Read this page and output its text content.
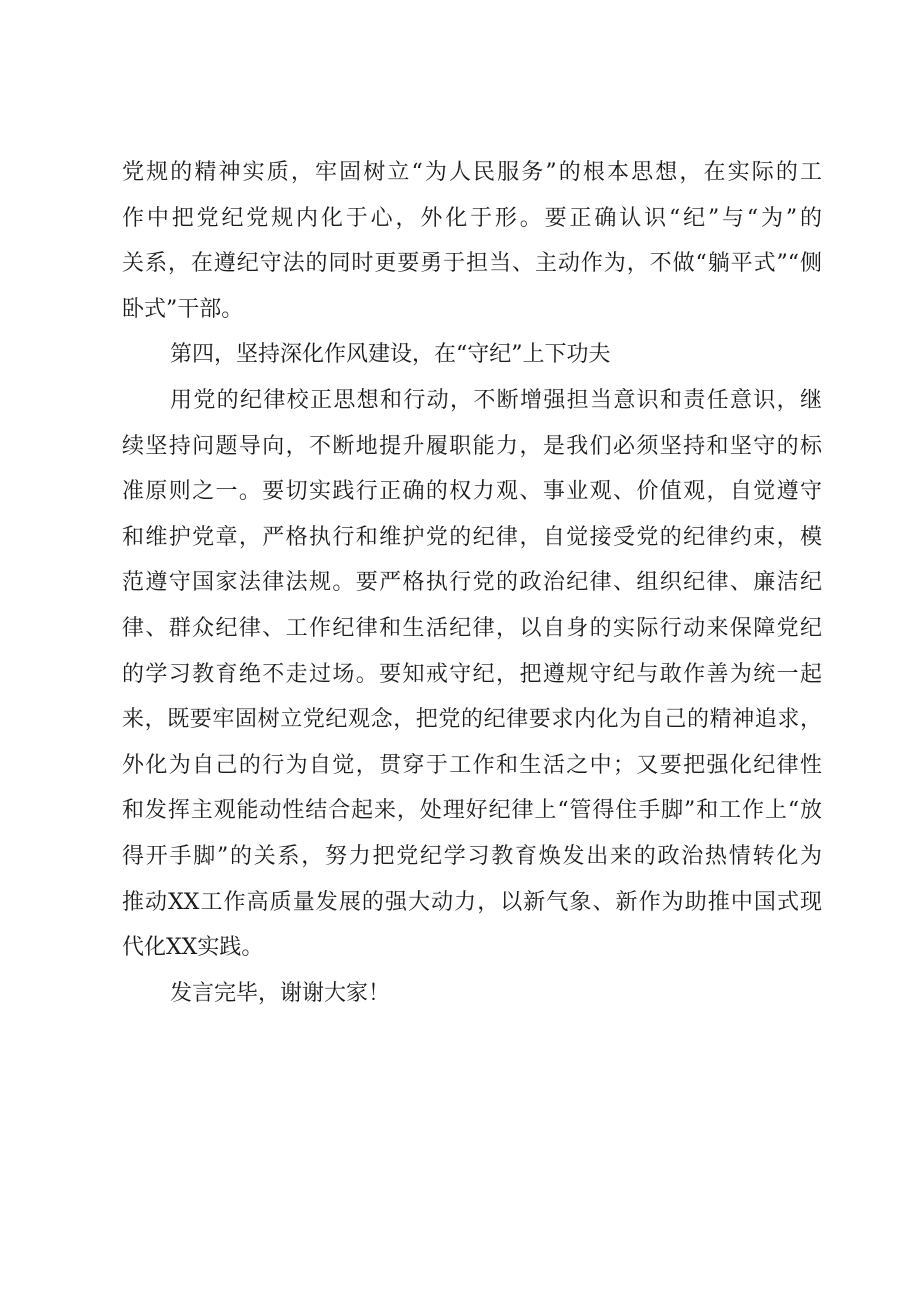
党规的精神实质，牢固树立“为人民服务”的根本思想，在实际的工
作中把党纪党规内化于心，外化于形。要正确认识“纪”与“为”的
关系，在遵纪守法的同时更要勇于担当、主动作为，不做“躺平式”“侧
卧式”干部。
第四，坚持深化作风建设，在“守纪”上下功夫
用党的纪律校正思想和行动，不断增强担当意识和责任意识，继
续坚持问题导向，不断地提升履职能力，是我们必须坚持和坚守的标
准原则之一。要切实践行正确的权力观、事业观、价值观，自觉遵守
和维护党章，严格执行和维护党的纪律，自觉接受党的纪律约束，模
范遵守国家法律法规。要严格执行党的政治纪律、组织纪律、廉洁纪
律、群众纪律、工作纪律和生活纪律，以自身的实际行动来保障党纪
的学习教育绝不走过场。要知戒守纪，把遵规守纪与敢作善为统一起
来，既要牢固树立党纪观念，把党的纪律要求内化为自己的精神追求，
外化为自己的行为自觉，贯穿于工作和生活之中；又要把强化纪律性
和发挥主观能动性结合起来，处理好纪律上“管得住手脚”和工作上“放
得开手脚”的关系，努力把党纪学习教育焕发出来的政治热情转化为
推动XX工作高质量发展的强大动力，以新气象、新作为助推中国式现
代化XX实践。
发言完毕，谢谢大家！
